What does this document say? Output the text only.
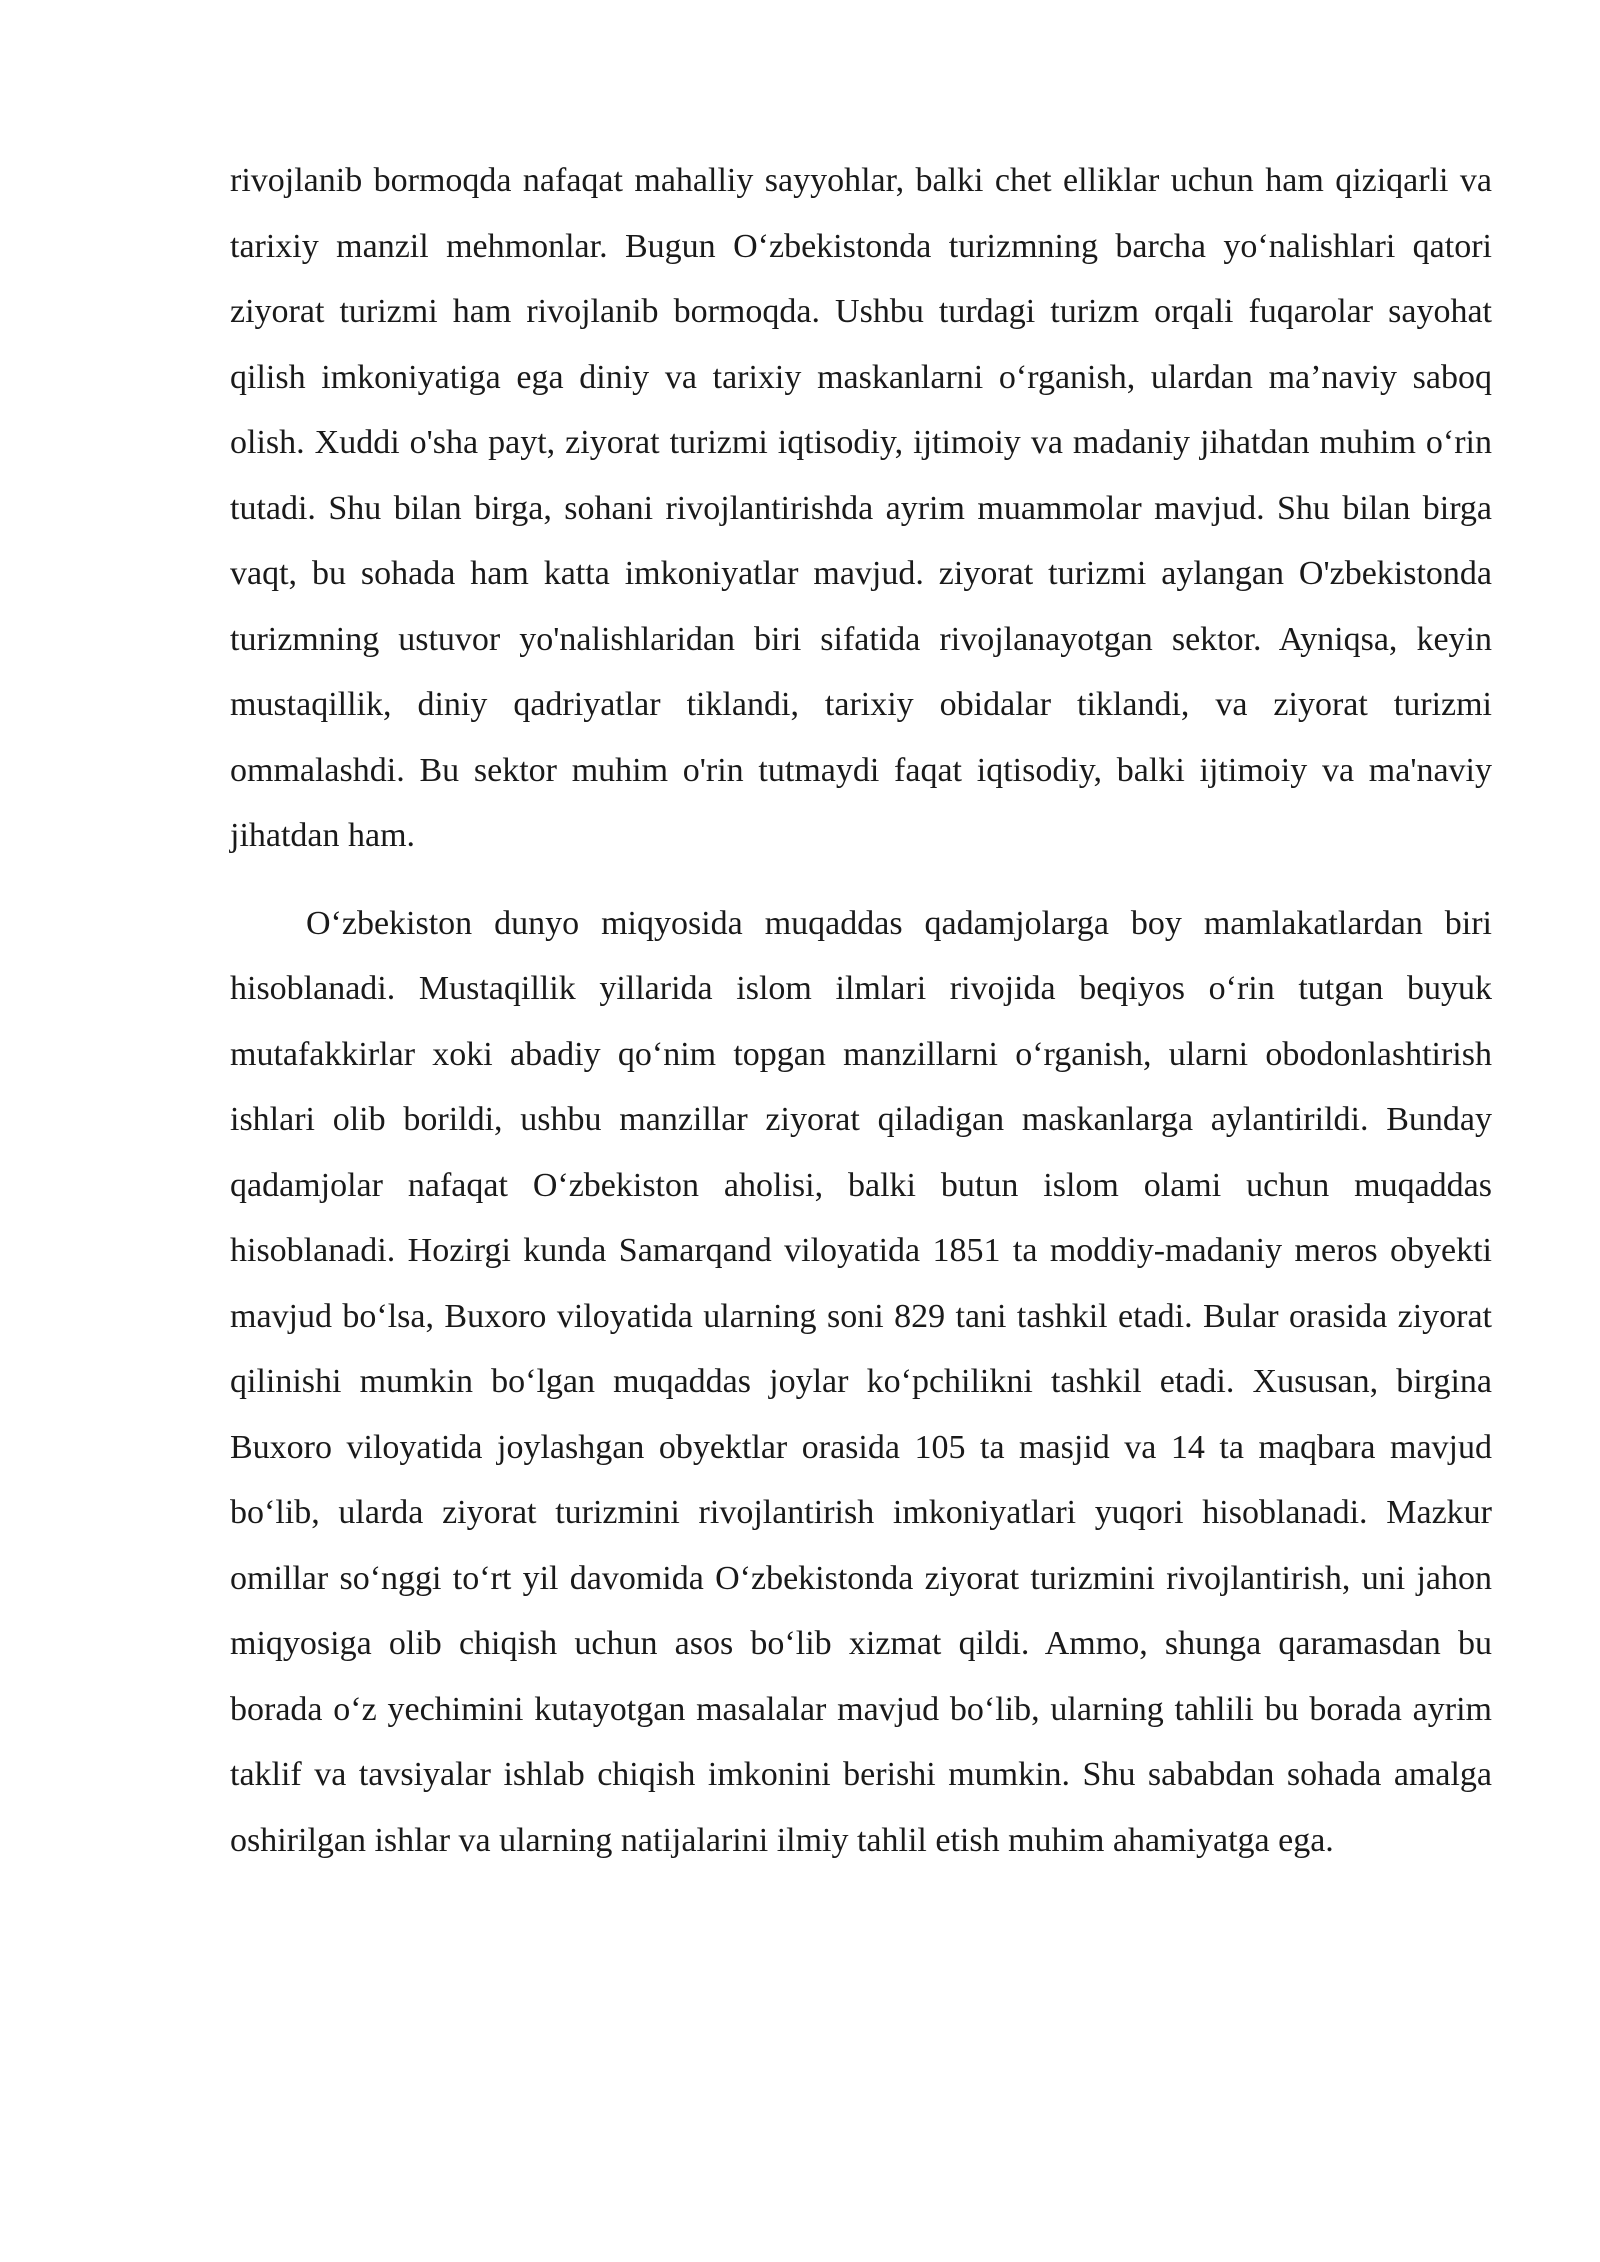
rivojlanib bormoqda nafaqat mahalliy sayyohlar, balki chet elliklar uchun ham qiziqarli va tarixiy manzil mehmonlar. Bugun O‘zbekistonda turizmning barcha yo‘nalishlari qatori ziyorat turizmi ham rivojlanib bormoqda. Ushbu turdagi turizm orqali fuqarolar sayohat qilish imkoniyatiga ega diniy va tarixiy maskanlarni o‘rganish, ulardan ma’naviy saboq olish. Xuddi o'sha payt, ziyorat turizmi iqtisodiy, ijtimoiy va madaniy jihatdan muhim o‘rin tutadi. Shu bilan birga, sohani rivojlantirishda ayrim muammolar mavjud. Shu bilan birga vaqt, bu sohada ham katta imkoniyatlar mavjud. ziyorat turizmi aylangan O'zbekistonda turizmning ustuvor yo'nalishlaridan biri sifatida rivojlanayotgan sektor. Ayniqsa, keyin mustaqillik, diniy qadriyatlar tiklandi, tarixiy obidalar tiklandi, va ziyorat turizmi ommalashdi. Bu sektor muhim o'rin tutmaydi faqat iqtisodiy, balki ijtimoiy va ma'naviy jihatdan ham.

O‘zbekiston dunyo miqyosida muqaddas qadamjolarga boy mamlakatlardan biri hisoblanadi. Mustaqillik yillarida islom ilmlari rivojida beqiyos o‘rin tutgan buyuk mutafakkirlar xoki abadiy qo‘nim topgan manzillarni o‘rganish, ularni obodonlashtirish ishlari olib borildi, ushbu manzillar ziyorat qiladigan maskanlarga aylantirildi. Bunday qadamjolar nafaqat O‘zbekiston aholisi, balki butun islom olami uchun muqaddas hisoblanadi. Hozirgi kunda Samarqand viloyatida 1851 ta moddiy-madaniy meros obyekti mavjud bo‘lsa, Buxoro viloyatida ularning soni 829 tani tashkil etadi. Bular orasida ziyorat qilinishi mumkin bo‘lgan muqaddas joylar ko‘pchilikni tashkil etadi. Xususan, birgina Buxoro viloyatida joylashgan obyektlar orasida 105 ta masjid va 14 ta maqbara mavjud bo‘lib, ularda ziyorat turizmini rivojlantirish imkoniyatlari yuqori hisoblanadi. Mazkur omillar so‘nggi to‘rt yil davomida O‘zbekistonda ziyorat turizmini rivojlantirish, uni jahon miqyosiga olib chiqish uchun asos bo‘lib xizmat qildi. Ammo, shunga qaramasdan bu borada o‘z yechimini kutayotgan masalalar mavjud bo‘lib, ularning tahlili bu borada ayrim taklif va tavsiyalar ishlab chiqish imkonini berishi mumkin. Shu sababdan sohada amalga oshirilgan ishlar va ularning natijalarini ilmiy tahlil etish muhim ahamiyatga ega.
